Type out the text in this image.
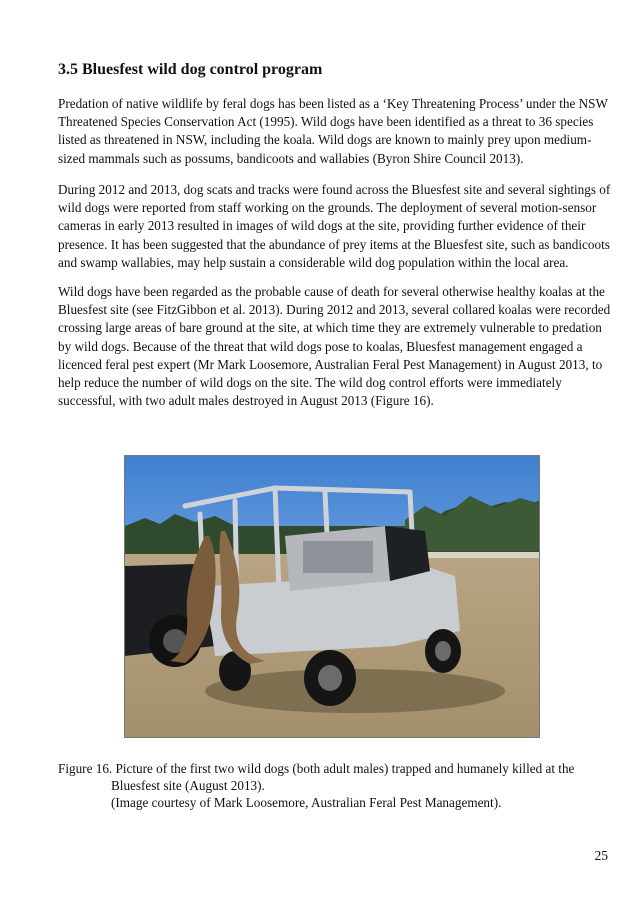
3.5 Bluesfest wild dog control program

Predation of native wildlife by feral dogs has been listed as a ‘Key Threatening Process’ under the NSW Threatened Species Conservation Act (1995). Wild dogs have been identified as a threat to 36 species listed as threatened in NSW, including the koala. Wild dogs are known to mainly prey upon medium-sized mammals such as possums, bandicoots and wallabies (Byron Shire Council 2013).

During 2012 and 2013, dog scats and tracks were found across the Bluesfest site and several sightings of wild dogs were reported from staff working on the grounds. The deployment of several motion-sensor cameras in early 2013 resulted in images of wild dogs at the site, providing further evidence of their presence. It has been suggested that the abundance of prey items at the Bluesfest site, such as bandicoots and swamp wallabies, may help sustain a considerable wild dog population within the local area.

Wild dogs have been regarded as the probable cause of death for several otherwise healthy koalas at the Bluesfest site (see FitzGibbon et al. 2013). During 2012 and 2013, several collared koalas were recorded crossing large areas of bare ground at the site, at which time they are extremely vulnerable to predation by wild dogs. Because of the threat that wild dogs pose to koalas, Bluesfest management engaged a licenced feral pest expert (Mr Mark Loosemore, Australian Feral Pest Management) in August 2013, to help reduce the number of wild dogs on the site. The wild dog control efforts were immediately successful, with two adult males destroyed in August 2013 (Figure 16).

Figure 16. Picture of the first two wild dogs (both adult males) trapped and humanely killed at the

Bluesfest site (August 2013).

(Image courtesy of Mark Loosemore, Australian Feral Pest Management).

25
